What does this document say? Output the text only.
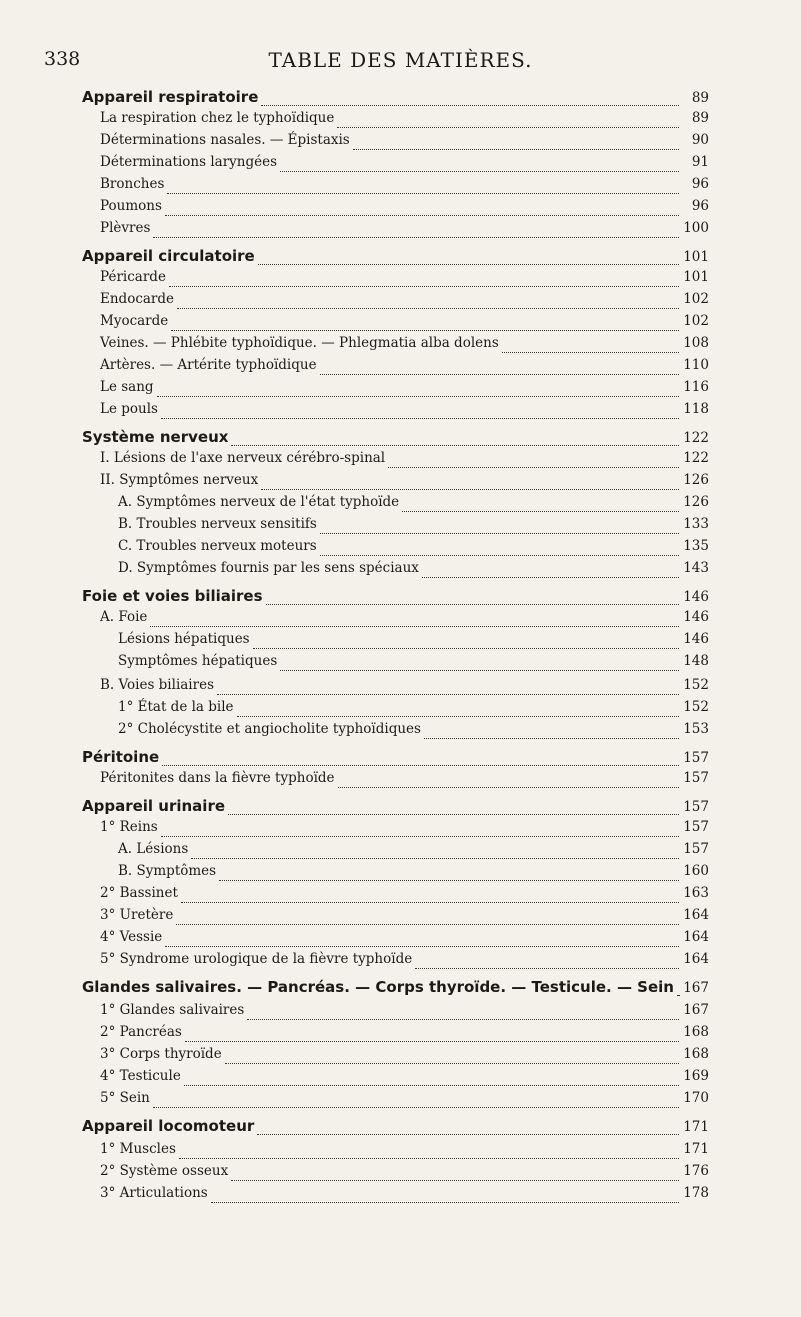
338	TABLE DES MATIÈRES.
Appareil respiratoire	89
La respiration chez le typhoïdique	89
Déterminations nasales. — Épistaxis	90
Déterminations laryngées	91
Bronches	96
Poumons	96
Plèvres	100
Appareil circulatoire	101
Péricarde	101
Endocarde	102
Myocarde	102
Veines. — Phlébite typhoïdique. — Phlegmatia alba dolens	108
Artères. — Artérite typhoïdique	110
Le sang	116
Le pouls	118
Système nerveux	122
I. Lésions de l'axe nerveux cérébro-spinal	122
II. Symptômes nerveux	126
A. Symptômes nerveux de l'état typhoïde	126
B. Troubles nerveux sensitifs	133
C. Troubles nerveux moteurs	135
D. Symptômes fournis par les sens spéciaux	143
Foie et voies biliaires	146
A. Foie	146
Lésions hépatiques	146
Symptômes hépatiques	148
B. Voies biliaires	152
1° État de la bile	152
2° Cholécystite et angiocholite typhoïdiques	153
Péritoine	157
Péritonites dans la fièvre typhoïde	157
Appareil urinaire	157
1° Reins	157
A. Lésions	157
B. Symptômes	160
2° Bassinet	163
3° Uretère	164
4° Vessie	164
5° Syndrome urologique de la fièvre typhoïde	164
Glandes salivaires. — Pancréas. — Corps thyroïde. — Testicule. — Sein 167
1° Glandes salivaires	167
2° Pancréas	168
3° Corps thyroïde	168
4° Testicule	169
5° Sein	170
Appareil locomoteur	171
1° Muscles	171
2° Système osseux	176
3° Articulations	178
